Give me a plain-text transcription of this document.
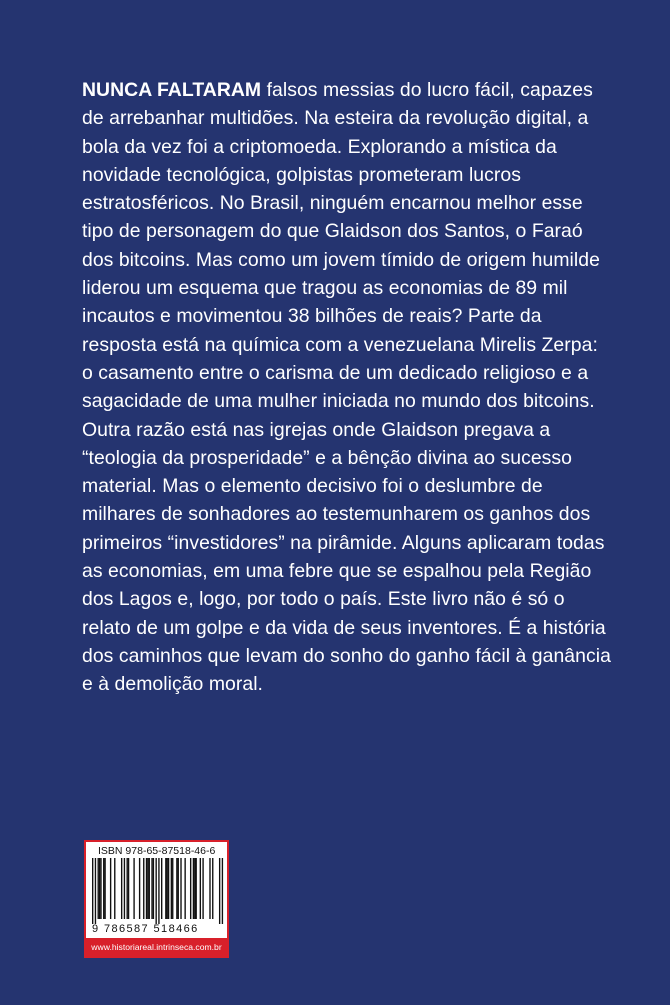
NUNCA FALTARAM falsos messias do lucro fácil, capazes de arrebanhar multidões. Na esteira da revolução digital, a bola da vez foi a criptomoeda. Explorando a mística da novidade tecnológica, golpistas prometeram lucros estratosféricos. No Brasil, ninguém encarnou melhor esse tipo de personagem do que Glaidson dos Santos, o Faraó dos bitcoins. Mas como um jovem tímido de origem humilde liderou um esquema que tragou as economias de 89 mil incautos e movimentou 38 bilhões de reais? Parte da resposta está na química com a venezuelana Mirelis Zerpa: o casamento entre o carisma de um dedicado religioso e a sagacidade de uma mulher iniciada no mundo dos bitcoins. Outra razão está nas igrejas onde Glaidson pregava a “teologia da prosperidade” e a bênção divina ao sucesso material. Mas o elemento decisivo foi o deslumbre de milhares de sonhadores ao testemunharem os ganhos dos primeiros “investidores” na pirâmide. Alguns aplicaram todas as economias, em uma febre que se espalhou pela Região dos Lagos e, logo, por todo o país. Este livro não é só o relato de um golpe e da vida de seus inventores. É a história dos caminhos que levam do sonho do ganho fácil à ganância e à demolição moral.

ISBN 978-65-87518-46-6
9 786587 518466
www.historiareal.intrinseca.com.br
